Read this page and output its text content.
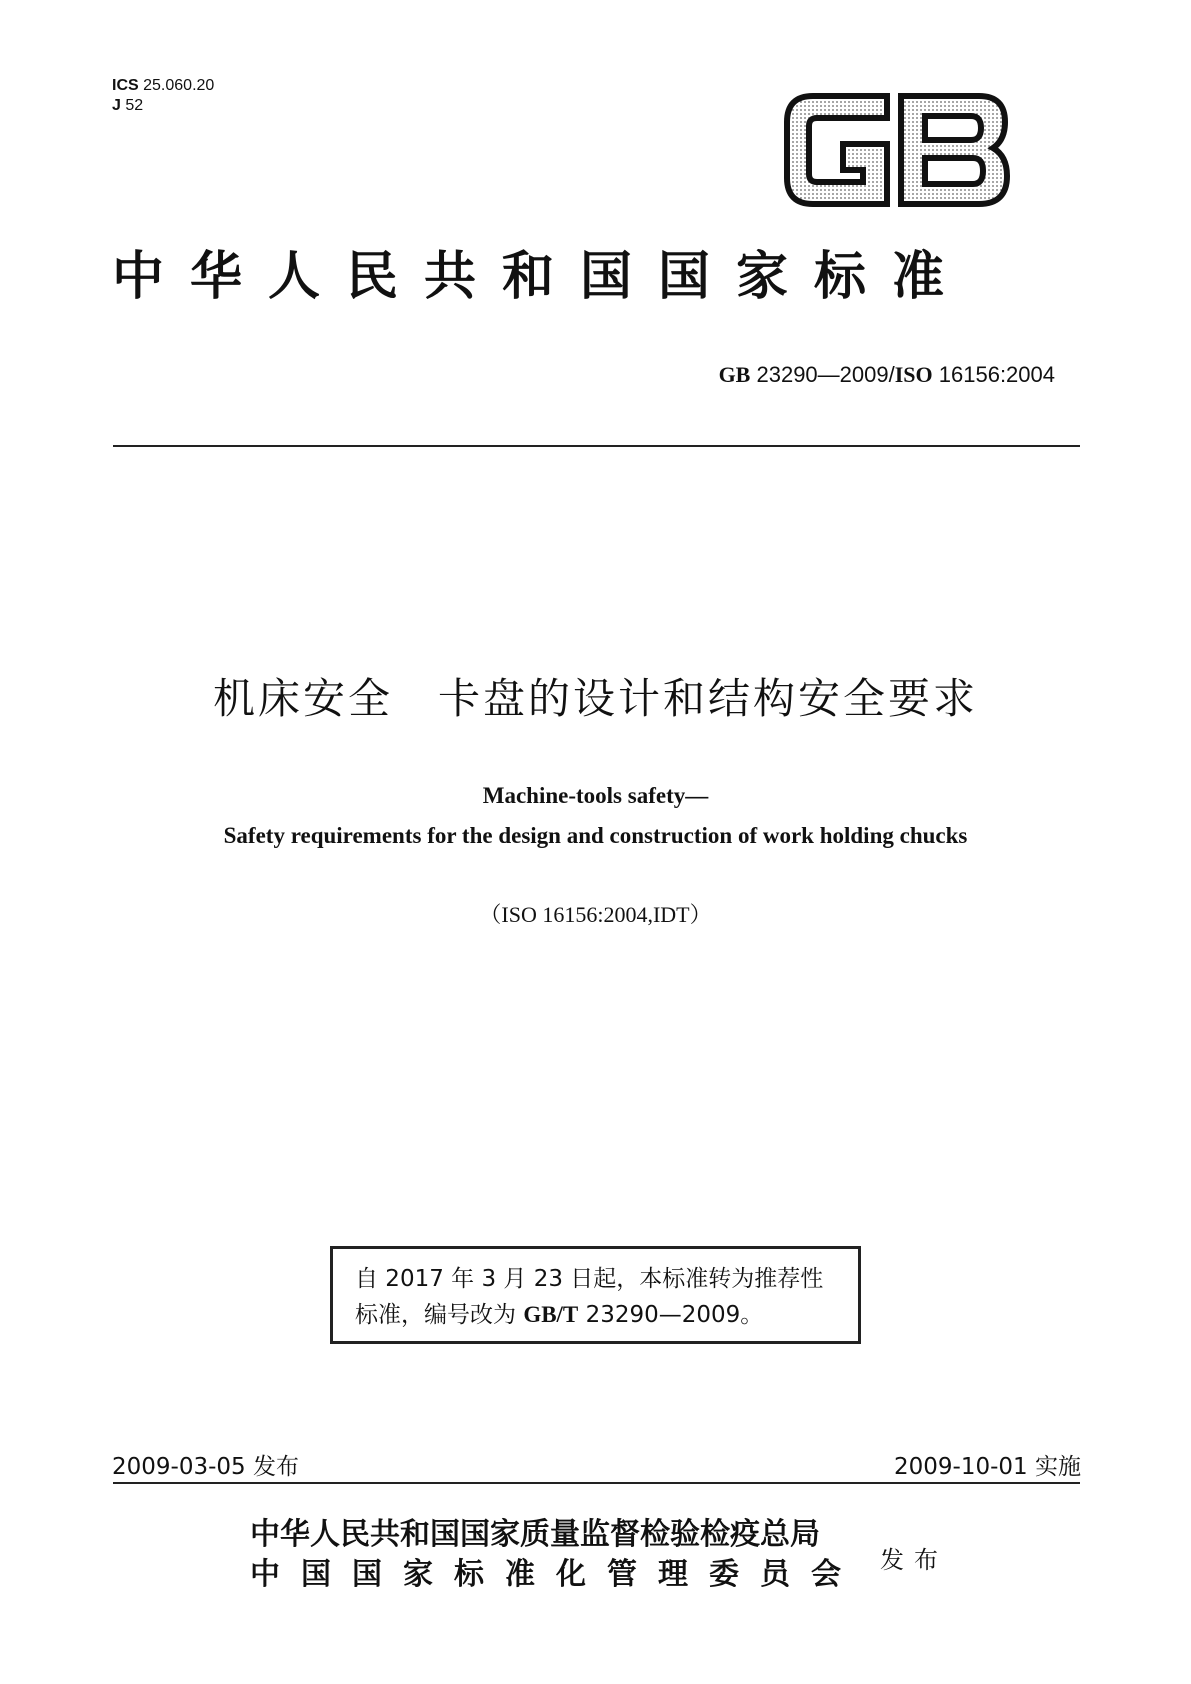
ICS 25.060.20
J 52
中华人民共和国国家标准
GB 23290—2009/ISO 16156:2004
机床安全　卡盘的设计和结构安全要求
Machine-tools safety—
Safety requirements for the design and construction of work holding chucks
（ISO 16156:2004,IDT）
自 2017 年 3 月 23 日起，本标准转为推荐性
标准，编号改为 GB/T 23290—2009。
2009-03-05 发布	2009-10-01 实施
中华人民共和国国家质量监督检验检疫总局
中国国家标准化管理委员会 发布
